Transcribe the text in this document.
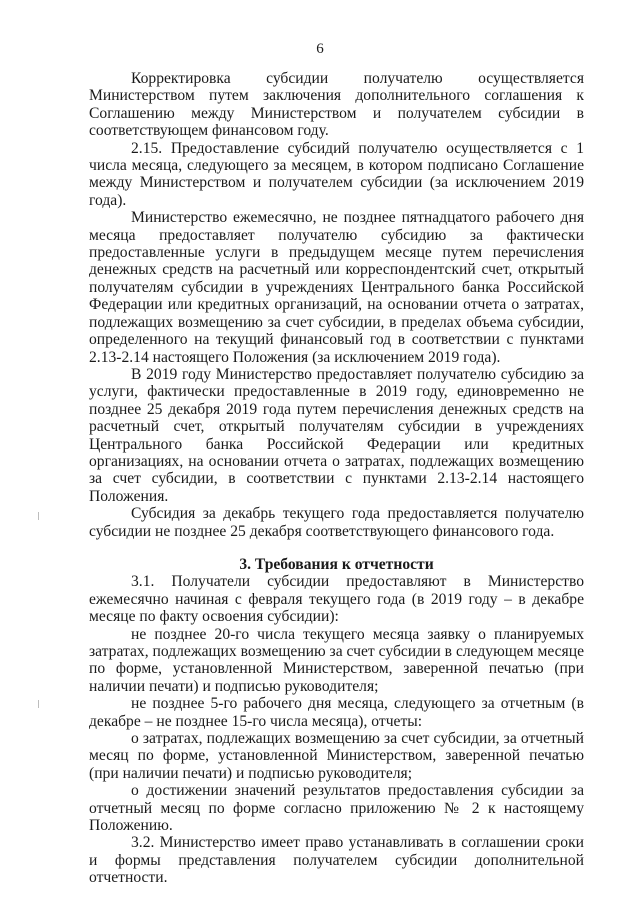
6

Корректировка субсидии получателю осуществляется Министерством путем заключения дополнительного соглашения к Соглашению между Министерством и получателем субсидии в соответствующем финансовом году.

2.15. Предоставление субсидий получателю осуществляется с 1 числа месяца, следующего за месяцем, в котором подписано Соглашение между Министерством и получателем субсидии (за исключением 2019 года).

Министерство ежемесячно, не позднее пятнадцатого рабочего дня месяца предоставляет получателю субсидию за фактически предоставленные услуги в предыдущем месяце путем перечисления денежных средств на расчетный или корреспондентский счет, открытый получателям субсидии в учреждениях Центрального банка Российской Федерации или кредитных организаций, на основании отчета о затратах, подлежащих возмещению за счет субсидии, в пределах объема субсидии, определенного на текущий финансовый год в соответствии с пунктами 2.13-2.14 настоящего Положения (за исключением 2019 года).

В 2019 году Министерство предоставляет получателю субсидию за услуги, фактически предоставленные в 2019 году, единовременно не позднее 25 декабря 2019 года путем перечисления денежных средств на расчетный счет, открытый получателям субсидии в учреждениях Центрального банка Российской Федерации или кредитных организациях, на основании отчета о затратах, подлежащих возмещению за счет субсидии, в соответствии с пунктами 2.13-2.14 настоящего Положения.

Субсидия за декабрь текущего года предоставляется получателю субсидии не позднее 25 декабря соответствующего финансового года.

3. Требования к отчетности

3.1. Получатели субсидии предоставляют в Министерство ежемесячно начиная с февраля текущего года (в 2019 году – в декабре месяце по факту освоения субсидии):

не позднее 20-го числа текущего месяца заявку о планируемых затратах, подлежащих возмещению за счет субсидии в следующем месяце по форме, установленной Министерством, заверенной печатью (при наличии печати) и подписью руководителя;

не позднее 5-го рабочего дня месяца, следующего за отчетным (в декабре – не позднее 15-го числа месяца), отчеты:

о затратах, подлежащих возмещению за счет субсидии, за отчетный месяц по форме, установленной Министерством, заверенной печатью (при наличии печати) и подписью руководителя;

о достижении значений результатов предоставления субсидии за отчетный месяц по форме согласно приложению № 2 к настоящему Положению.

3.2. Министерство имеет право устанавливать в соглашении сроки и формы представления получателем субсидии дополнительной отчетности.
